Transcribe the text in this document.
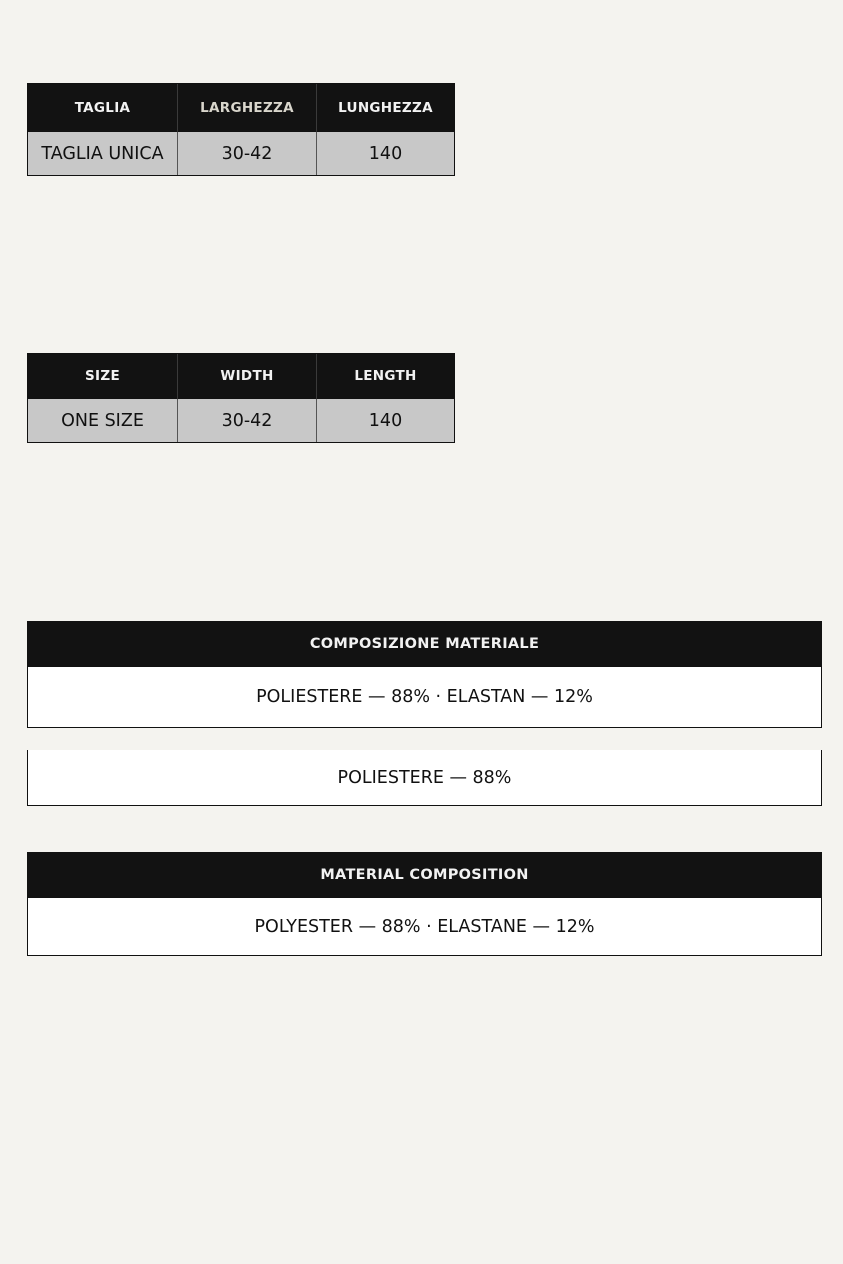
TAGLIA	LARGHEZZA	LUNGHEZZA
TAGLIA UNICA	30-42	140
SIZE	WIDTH	LENGTH
ONE SIZE	30-42	140
COMPOSIZIONE MATERIALE
POLIESTERE — 88% · ELASTAN — 12%
POLIESTERE — 88%
MATERIAL COMPOSITION
POLYESTER — 88% · ELASTANE — 12%
